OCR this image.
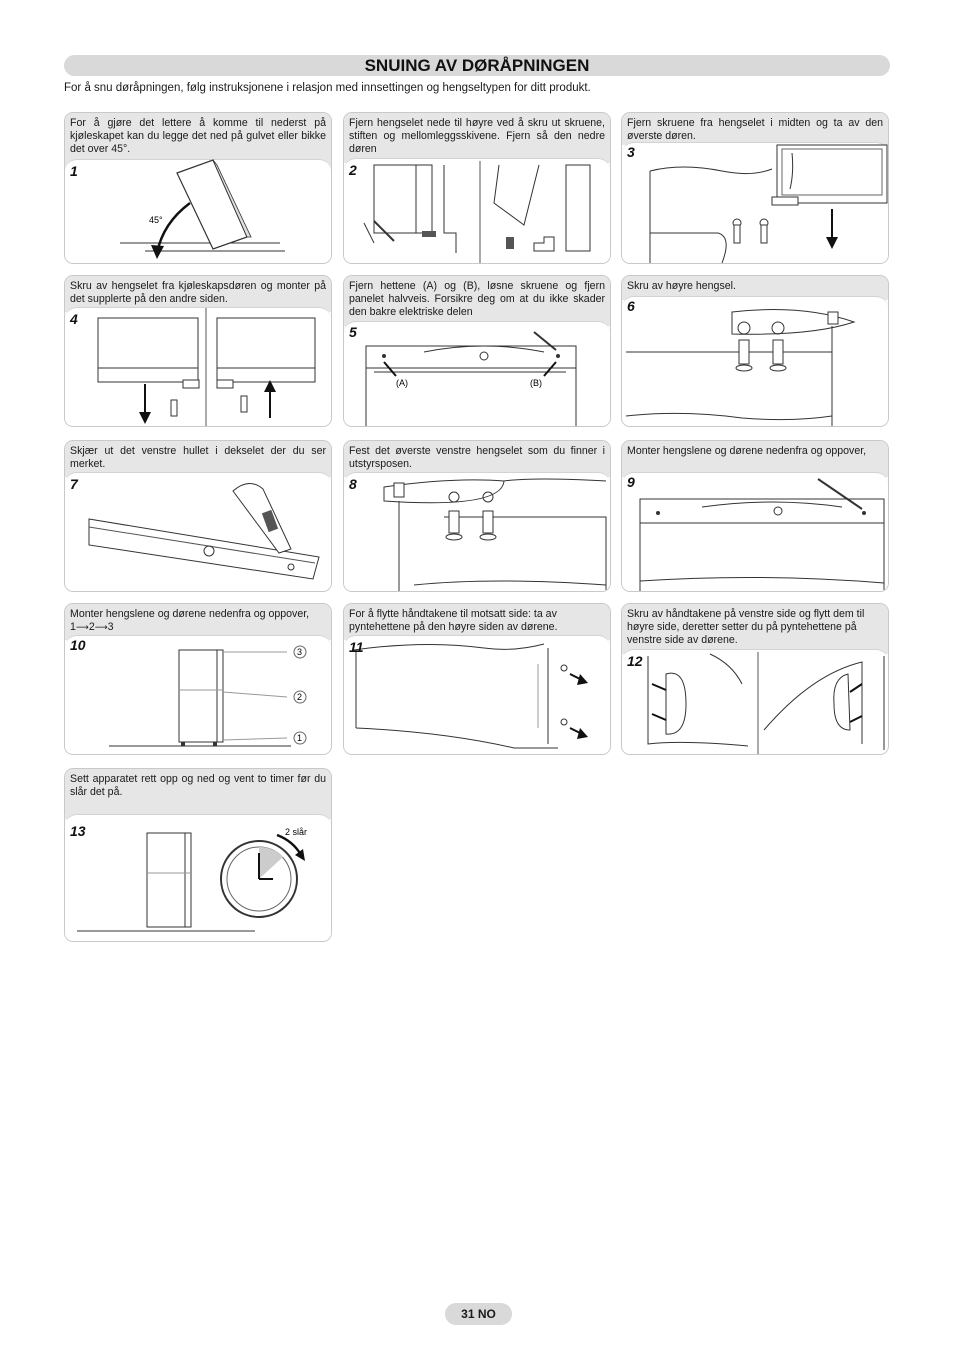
SNUING AV DØRÅPNINGEN
For å snu døråpningen, følg instruksjonene i relasjon med innsettingen og hengseltypen for ditt produkt.
For å gjøre det lettere å komme til nederst på kjøleskapet kan du legge det ned på gulvet eller bikke det over 45°.
1
45°
Fjern hengselet nede til høyre ved å skru ut skruene, stiften og mellomleggsskivene. Fjern så den nedre døren
2
Fjern skruene fra hengselet i midten og ta av den øverste døren.
3
Skru av hengselet fra kjøleskapsdøren og monter på det supplerte på den andre siden.
4
Fjern hettene (A) og (B), løsne skruene og fjern panelet halvveis. Forsikre deg om at du ikke skader den bakre elektriske delen
5
(A)	(B)
Skru av høyre hengsel.
6
Skjær ut det venstre hullet i dekselet der du ser merket.
7
Fest det øverste venstre hengselet som du finner i utstyrsposen.
8
Monter hengslene og dørene nedenfra og oppover,
9
Monter hengslene og dørene nedenfra og oppover, 1⟶2⟶3
10	3
2
1
For å flytte håndtakene til motsatt side: ta av pyntehettene på den høyre siden av dørene.
11
Skru av håndtakene på venstre side og flytt dem til høyre side, deretter setter du på pyntehettene på venstre side av dørene.
12
Sett apparatet rett opp og ned og vent to timer før du slår det på.
13	2 slår
31 NO
